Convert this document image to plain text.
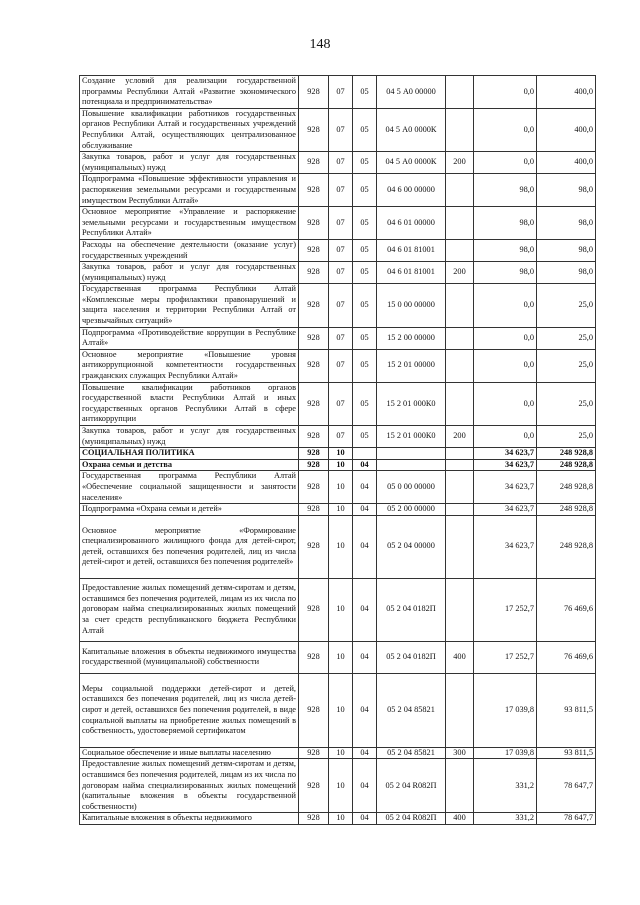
148
Создание условий для реализации государственной программы Республики Алтай «Развитие экономического потенциала и предпринимательства»	928	07	05	04 5 А0 00000		0,0	400,0
Повышение квалификации работников государственных органов Республики Алтай и государственных учреждений Республики Алтай, осуществляющих централизованное обслуживание	928	07	05	04 5 А0 0000К		0,0	400,0
Закупка товаров, работ и услуг для государственных (муниципальных) нужд	928	07	05	04 5 А0 0000К	200	0,0	400,0
Подпрограмма «Повышение эффективности управления и распоряжения земельными ресурсами и государственным имуществом Республики Алтай»	928	07	05	04 6 00 00000		98,0	98,0
Основное мероприятие «Управление и распоряжение земельными ресурсами и государственным имуществом Республики Алтай»	928	07	05	04 6 01 00000		98,0	98,0
Расходы на обеспечение деятельности (оказание услуг) государственных учреждений	928	07	05	04 6 01 81001		98,0	98,0
Закупка товаров, работ и услуг для государственных (муниципальных) нужд	928	07	05	04 6 01 81001	200	98,0	98,0
Государственная программа Республики Алтай «Комплексные меры профилактики правонарушений и защита населения и территории Республики Алтай от чрезвычайных ситуаций»	928	07	05	15 0 00 00000		0,0	25,0
Подпрограмма «Противодействие коррупции в Республике Алтай»	928	07	05	15 2 00 00000		0,0	25,0
Основное мероприятие «Повышение уровня антикоррупционной компетентности государственных гражданских служащих Республики Алтай»	928	07	05	15 2 01 00000		0,0	25,0
Повышение квалификации работников органов государственной власти Республики Алтай и иных государственных органов Республики Алтай в сфере антикоррупции	928	07	05	15 2 01 000К0		0,0	25,0
Закупка товаров, работ и услуг для государственных (муниципальных) нужд	928	07	05	15 2 01 000К0	200	0,0	25,0
СОЦИАЛЬНАЯ ПОЛИТИКА	928	10				34 623,7	248 928,8
Охрана семьи и детства	928	10	04			34 623,7	248 928,8
Государственная программа Республики Алтай «Обеспечение социальной защищенности и занятости населения»	928	10	04	05 0 00 00000		34 623,7	248 928,8
Подпрограмма «Охрана семьи и детей»	928	10	04	05 2 00 00000		34 623,7	248 928,8
Основное мероприятие «Формирование специализированного жилищного фонда для детей-сирот, детей, оставшихся без попечения родителей, лиц из числа детей-сирот и детей, оставшихся без попечения родителей»	928	10	04	05 2 04 00000		34 623,7	248 928,8
Предоставление жилых помещений детям-сиротам и детям, оставшимся без попечения родителей, лицам из их числа по договорам найма специализированных жилых помещений за счет средств республиканского бюджета Республики Алтай	928	10	04	05 2 04 0182П		17 252,7	76 469,6
Капитальные вложения в объекты недвижимого имущества государственной (муниципальной) собственности	928	10	04	05 2 04 0182П	400	17 252,7	76 469,6
Меры социальной поддержки детей-сирот и детей, оставшихся без попечения родителей, лиц из числа детей-сирот и детей, оставшихся без попечения родителей, в виде социальной выплаты на приобретение жилых помещений в собственность, удостоверяемой сертификатом	928	10	04	05 2 04 85821		17 039,8	93 811,5
Социальное обеспечение и иные выплаты населению	928	10	04	05 2 04 85821	300	17 039,8	93 811,5
Предоставление жилых помещений детям-сиротам и детям, оставшимся без попечения родителей, лицам из их числа по договорам найма специализированных жилых помещений (капитальные вложения в объекты государственной собственности)	928	10	04	05 2 04 R082П		331,2	78 647,7
Капитальные вложения в объекты недвижимого	928	10	04	05 2 04 R082П	400	331,2	78 647,7
